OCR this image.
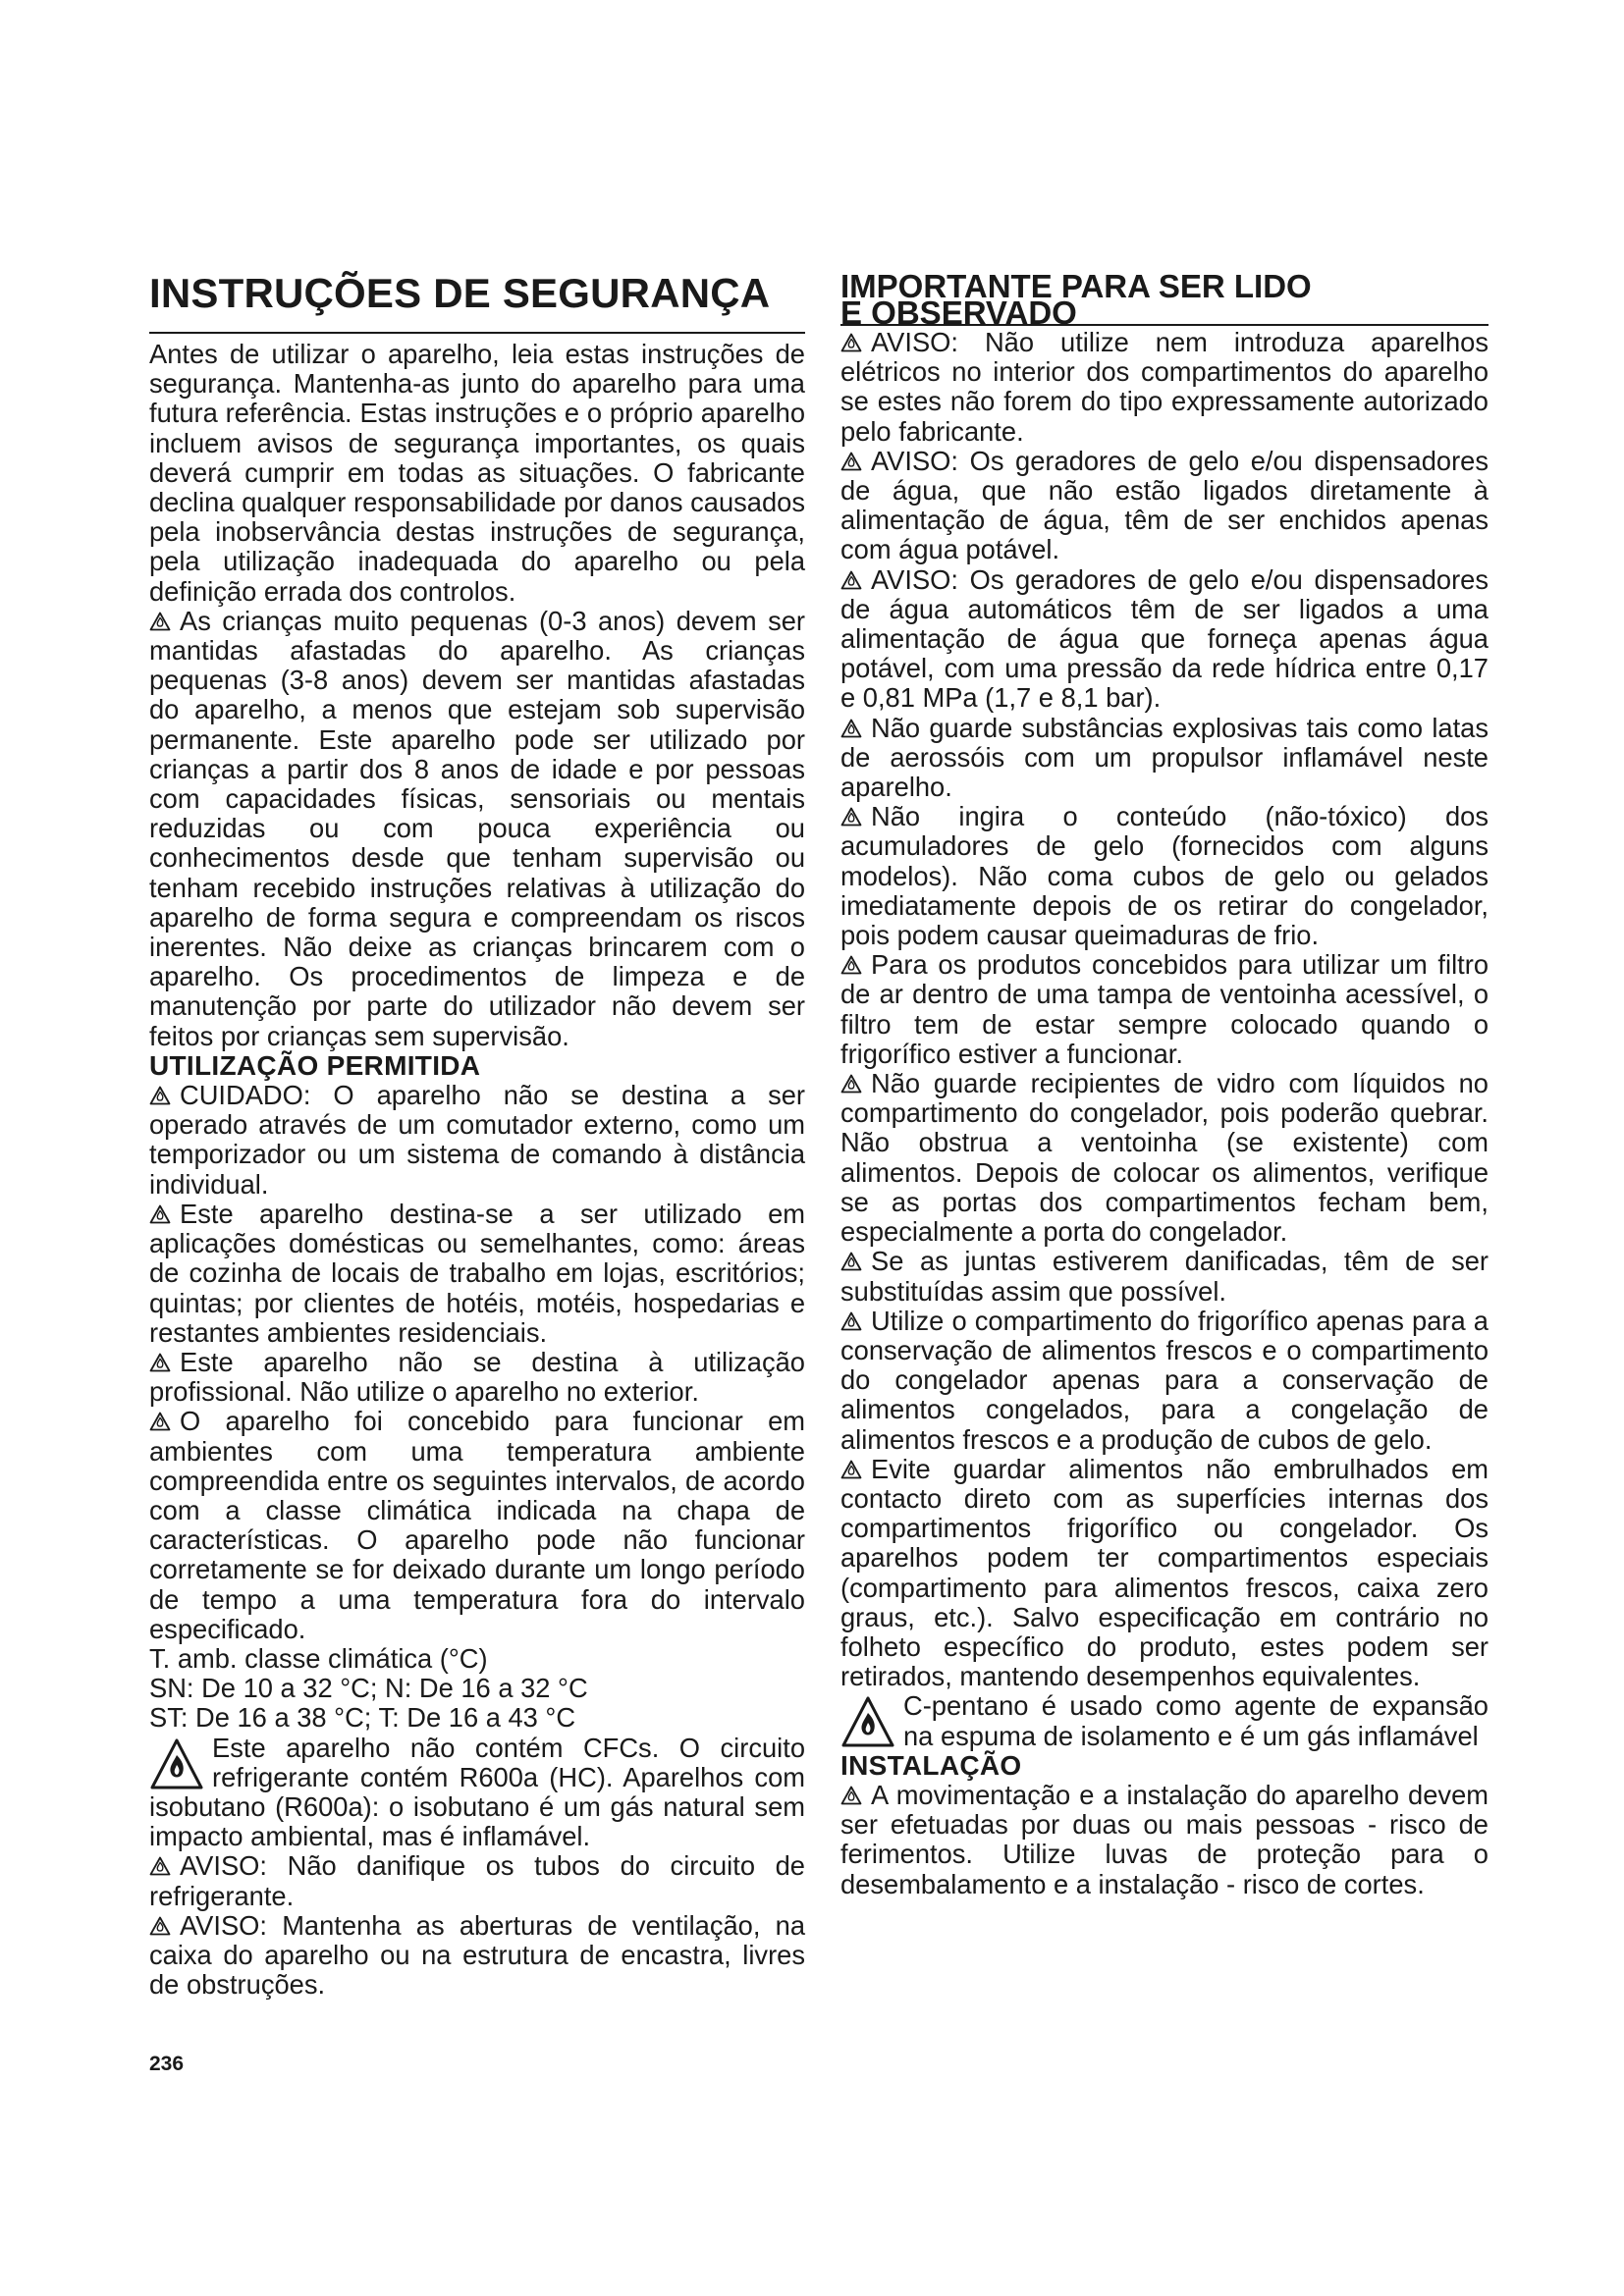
INSTRUÇÕES DE SEGURANÇA

Antes de utilizar o aparelho, leia estas instruções de segurança. Mantenha-as junto do aparelho para uma futura referência. Estas instruções e o próprio aparelho incluem avisos de segurança importantes, os quais deverá cumprir em todas as situações. O fabricante declina qualquer responsabilidade por danos causados pela inobservância destas instruções de segurança, pela utilização inadequada do aparelho ou pela definição errada dos controlos.

As crianças muito pequenas (0-3 anos) devem ser mantidas afastadas do aparelho. As crianças pequenas (3-8 anos) devem ser mantidas afastadas do aparelho, a menos que estejam sob supervisão permanente. Este aparelho pode ser utilizado por crianças a partir dos 8 anos de idade e por pessoas com capacidades físicas, sensoriais ou mentais reduzidas ou com pouca experiência ou conhecimentos desde que tenham supervisão ou tenham recebido instruções relativas à utilização do aparelho de forma segura e compreendam os riscos inerentes. Não deixe as crianças brincarem com o aparelho. Os procedimentos de limpeza e de manutenção por parte do utilizador não devem ser feitos por crianças sem supervisão.

UTILIZAÇÃO PERMITIDA

CUIDADO: O aparelho não se destina a ser operado através de um comutador externo, como um temporizador ou um sistema de comando à distância individual.

Este aparelho destina-se a ser utilizado em aplicações domésticas ou semelhantes, como: áreas de cozinha de locais de trabalho em lojas, escritórios; quintas; por clientes de hotéis, motéis, hospedarias e restantes ambientes residenciais.

Este aparelho não se destina à utilização profissional. Não utilize o aparelho no exterior.

O aparelho foi concebido para funcionar em ambientes com uma temperatura ambiente compreendida entre os seguintes intervalos, de acordo com a classe climática indicada na chapa de características. O aparelho pode não funcionar corretamente se for deixado durante um longo período de tempo a uma temperatura fora do intervalo especificado.

T. amb. classe climática (°C)

SN: De 10 a 32 °C; N: De 16 a 32 °C

ST: De 16 a 38 °C; T: De 16 a 43 °C

Este aparelho não contém CFCs. O circuito refrigerante contém R600a (HC). Aparelhos com isobutano (R600a): o isobutano é um gás natural sem impacto ambiental, mas é inflamável.

AVISO: Não danifique os tubos do circuito de refrigerante.

AVISO: Mantenha as aberturas de ventilação, na caixa do aparelho ou na estrutura de encastra, livres de obstruções.

IMPORTANTE PARA SER LIDO
E OBSERVADO

AVISO: Não utilize nem introduza aparelhos elétricos no interior dos compartimentos do aparelho se estes não forem do tipo expressamente autorizado pelo fabricante.

AVISO: Os geradores de gelo e/ou dispensadores de água, que não estão ligados diretamente à alimentação de água, têm de ser enchidos apenas com água potável.

AVISO: Os geradores de gelo e/ou dispensadores de água automáticos têm de ser ligados a uma alimentação de água que forneça apenas água potável, com uma pressão da rede hídrica entre 0,17 e 0,81 MPa (1,7 e 8,1 bar).

Não guarde substâncias explosivas tais como latas de aerossóis com um propulsor inflamável neste aparelho.

Não ingira o conteúdo (não-tóxico) dos acumuladores de gelo (fornecidos com alguns modelos). Não coma cubos de gelo ou gelados imediatamente depois de os retirar do congelador, pois podem causar queimaduras de frio.

Para os produtos concebidos para utilizar um filtro de ar dentro de uma tampa de ventoinha acessível, o filtro tem de estar sempre colocado quando o frigorífico estiver a funcionar.

Não guarde recipientes de vidro com líquidos no compartimento do congelador, pois poderão quebrar. Não obstrua a ventoinha (se existente) com alimentos. Depois de colocar os alimentos, verifique se as portas dos compartimentos fecham bem, especialmente a porta do congelador.

Se as juntas estiverem danificadas, têm de ser substituídas assim que possível.

Utilize o compartimento do frigorífico apenas para a conservação de alimentos frescos e o compartimento do congelador apenas para a conservação de alimentos congelados, para a congelação de alimentos frescos e a produção de cubos de gelo.

Evite guardar alimentos não embrulhados em contacto direto com as superfícies internas dos compartimentos frigorífico ou congelador. Os aparelhos podem ter compartimentos especiais (compartimento para alimentos frescos, caixa zero graus, etc.). Salvo especificação em contrário no folheto específico do produto, estes podem ser retirados, mantendo desempenhos equivalentes.

C-pentano é usado como agente de expansão na espuma de isolamento e é um gás inflamável

INSTALAÇÃO

A movimentação e a instalação do aparelho devem ser efetuadas por duas ou mais pessoas - risco de ferimentos. Utilize luvas de proteção para o desembalamento e a instalação - risco de cortes.

236
